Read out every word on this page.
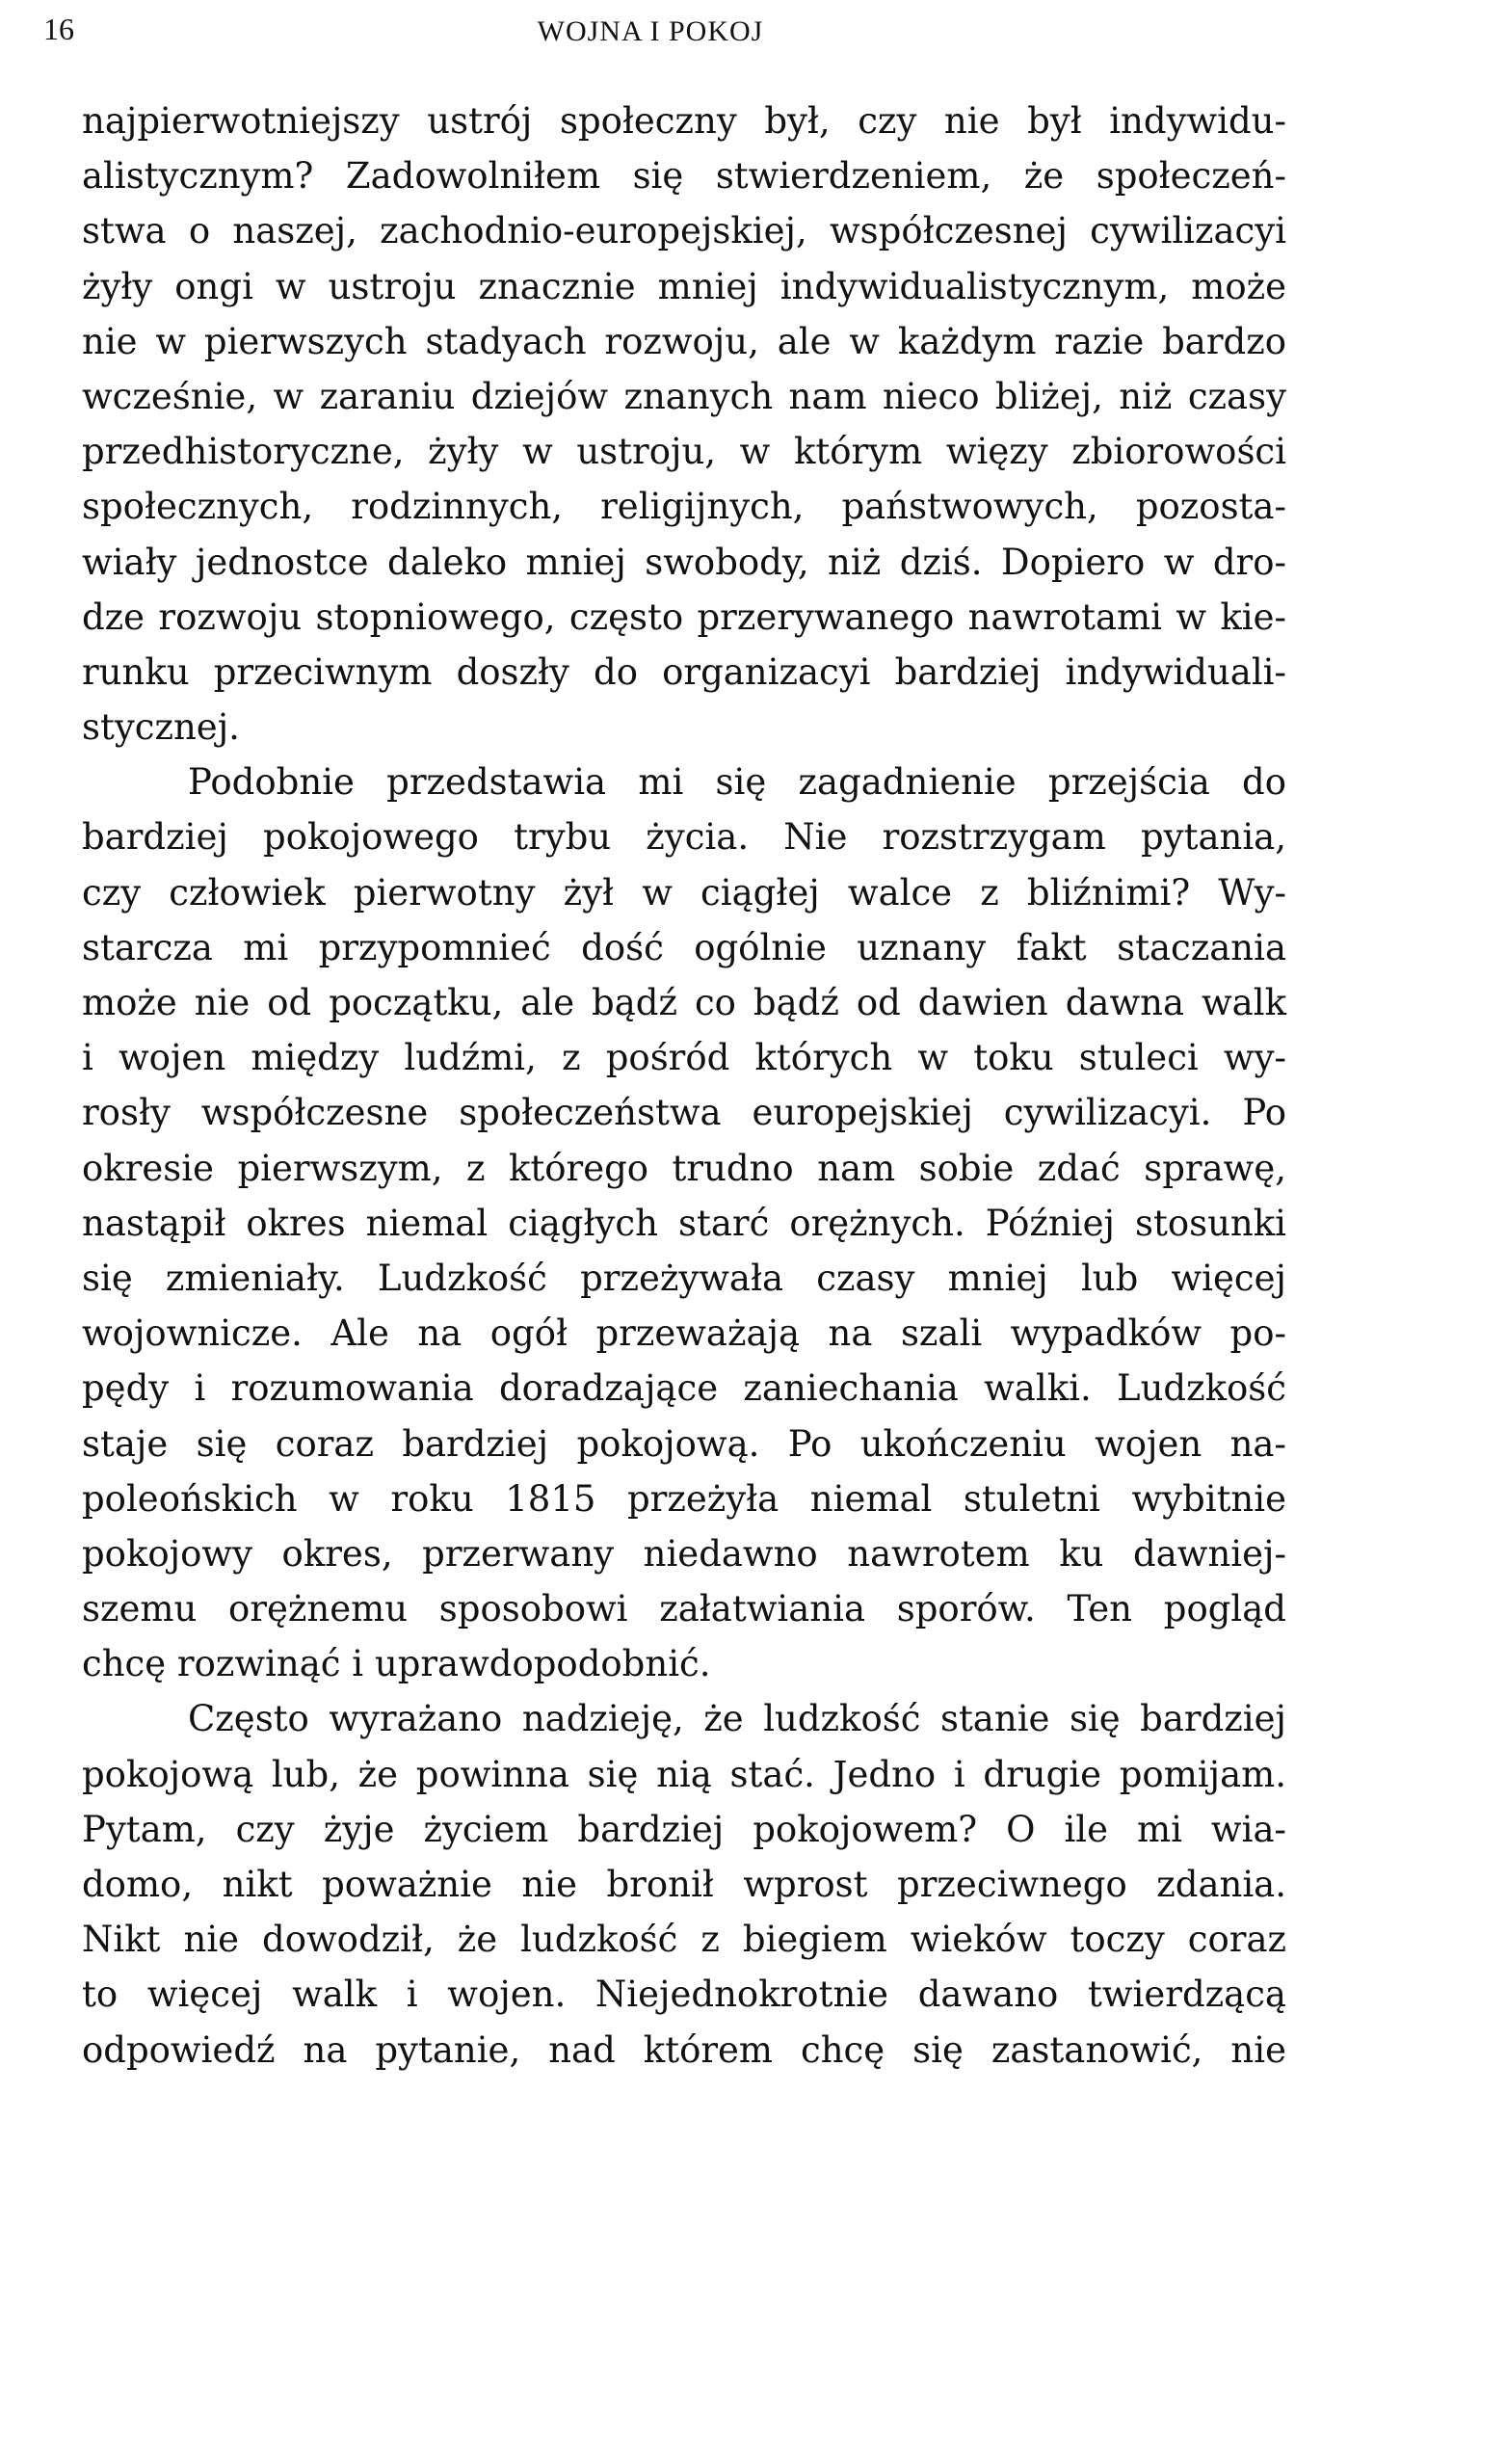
16	WOJNA I POKOJ
najpierwotniejszy ustrój społeczny był, czy nie był indywidu-
alistycznym? Zadowolniłem się stwierdzeniem, że społeczeń-
stwa o naszej, zachodnio-europejskiej, współczesnej cywilizacyi
żyły ongi w ustroju znacznie mniej indywidualistycznym, może
nie w pierwszych stadyach rozwoju, ale w każdym razie bardzo
wcześnie, w zaraniu dziejów znanych nam nieco bliżej, niż czasy
przedhistoryczne, żyły w ustroju, w którym więzy zbiorowości
społecznych, rodzinnych, religijnych, państwowych, pozosta-
wiały jednostce daleko mniej swobody, niż dziś. Dopiero w dro-
dze rozwoju stopniowego, często przerywanego nawrotami w kie-
runku przeciwnym doszły do organizacyi bardziej indywiduali-
stycznej.
Podobnie przedstawia mi się zagadnienie przejścia do
bardziej pokojowego trybu życia. Nie rozstrzygam pytania,
czy człowiek pierwotny żył w ciągłej walce z bliźnimi? Wy-
starcza mi przypomnieć dość ogólnie uznany fakt staczania
może nie od początku, ale bądź co bądź od dawien dawna walk
i wojen między ludźmi, z pośród których w toku stuleci wy-
rosły współczesne społeczeństwa europejskiej cywilizacyi. Po
okresie pierwszym, z którego trudno nam sobie zdać sprawę,
nastąpił okres niemal ciągłych starć orężnych. Później stosunki
się zmieniały. Ludzkość przeżywała czasy mniej lub więcej
wojownicze. Ale na ogół przeważają na szali wypadków po-
pędy i rozumowania doradzające zaniechania walki. Ludzkość
staje się coraz bardziej pokojową. Po ukończeniu wojen na-
poleońskich w roku 1815 przeżyła niemal stuletni wybitnie
pokojowy okres, przerwany niedawno nawrotem ku dawniej-
szemu orężnemu sposobowi załatwiania sporów. Ten pogląd
chcę rozwinąć i uprawdopodobnić.
Często wyrażano nadzieję, że ludzkość stanie się bardziej
pokojową lub, że powinna się nią stać. Jedno i drugie pomijam.
Pytam, czy żyje życiem bardziej pokojowem? O ile mi wia-
domo, nikt poważnie nie bronił wprost przeciwnego zdania.
Nikt nie dowodził, że ludzkość z biegiem wieków toczy coraz
to więcej walk i wojen. Niejednokrotnie dawano twierdzącą
odpowiedź na pytanie, nad którem chcę się zastanowić, nie
